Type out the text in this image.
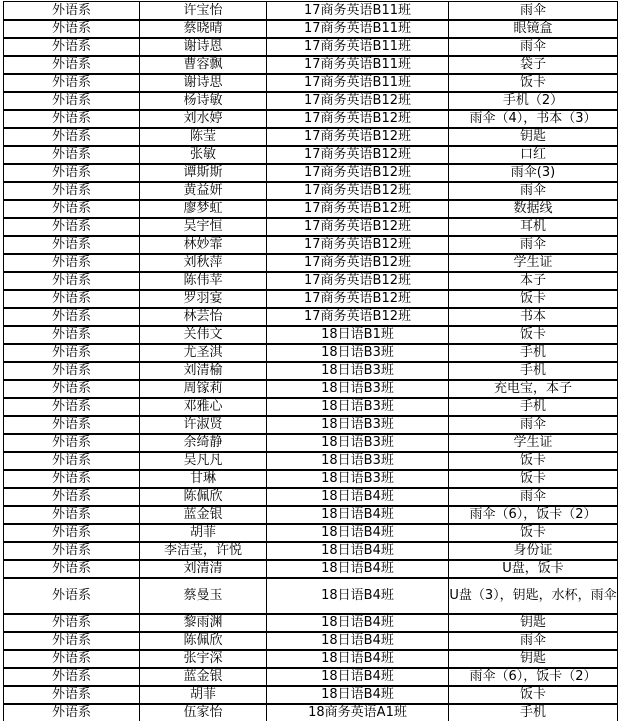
外语系	许宝怡	17商务英语B11班	雨伞
外语系	蔡晓晴	17商务英语B11班	眼镜盒
外语系	谢诗恩	17商务英语B11班	雨伞
外语系	曹容飘	17商务英语B11班	袋子
外语系	谢诗思	17商务英语B11班	饭卡
外语系	杨诗敏	17商务英语B12班	手机（2）
外语系	刘水婷	17商务英语B12班	雨伞（4），书本（3）
外语系	陈莹	17商务英语B12班	钥匙
外语系	张敏	17商务英语B12班	口红
外语系	谭斯斯	17商务英语B12班	雨伞(3)
外语系	黄益妍	17商务英语B12班	雨伞
外语系	廖梦虹	17商务英语B12班	数据线
外语系	吴宇恒	17商务英语B12班	耳机
外语系	林妙霏	17商务英语B12班	雨伞
外语系	刘秋萍	17商务英语B12班	学生证
外语系	陈伟苹	17商务英语B12班	本子
外语系	罗羽宴	17商务英语B12班	饭卡
外语系	林芸怡	17商务英语B12班	书本
外语系	关伟文	18日语B1班	饭卡
外语系	尤圣淇	18日语B3班	手机
外语系	刘清榆	18日语B3班	手机
外语系	周镓莉	18日语B3班	充电宝，本子
外语系	邓雅心	18日语B3班	手机
外语系	许淑贤	18日语B3班	雨伞
外语系	余绮静	18日语B3班	学生证
外语系	吴凡凡	18日语B3班	饭卡
外语系	甘琳	18日语B3班	饭卡
外语系	陈佩欣	18日语B4班	雨伞
外语系	蓝金银	18日语B4班	雨伞（6），饭卡（2）
外语系	胡菲	18日语B4班	饭卡
外语系	李洁莹，许悦	18日语B4班	身份证
外语系	刘清清	18日语B4班	U盘，饭卡
外语系	蔡曼玉	18日语B4班	U盘（3），钥匙，水杯，雨伞
外语系	黎雨渊	18日语B4班	钥匙
外语系	陈佩欣	18日语B4班	雨伞
外语系	张宇深	18日语B4班	钥匙
外语系	蓝金银	18日语B4班	雨伞（6），饭卡（2）
外语系	胡菲	18日语B4班	饭卡
外语系	伍家怡	18商务英语A1班	手机
